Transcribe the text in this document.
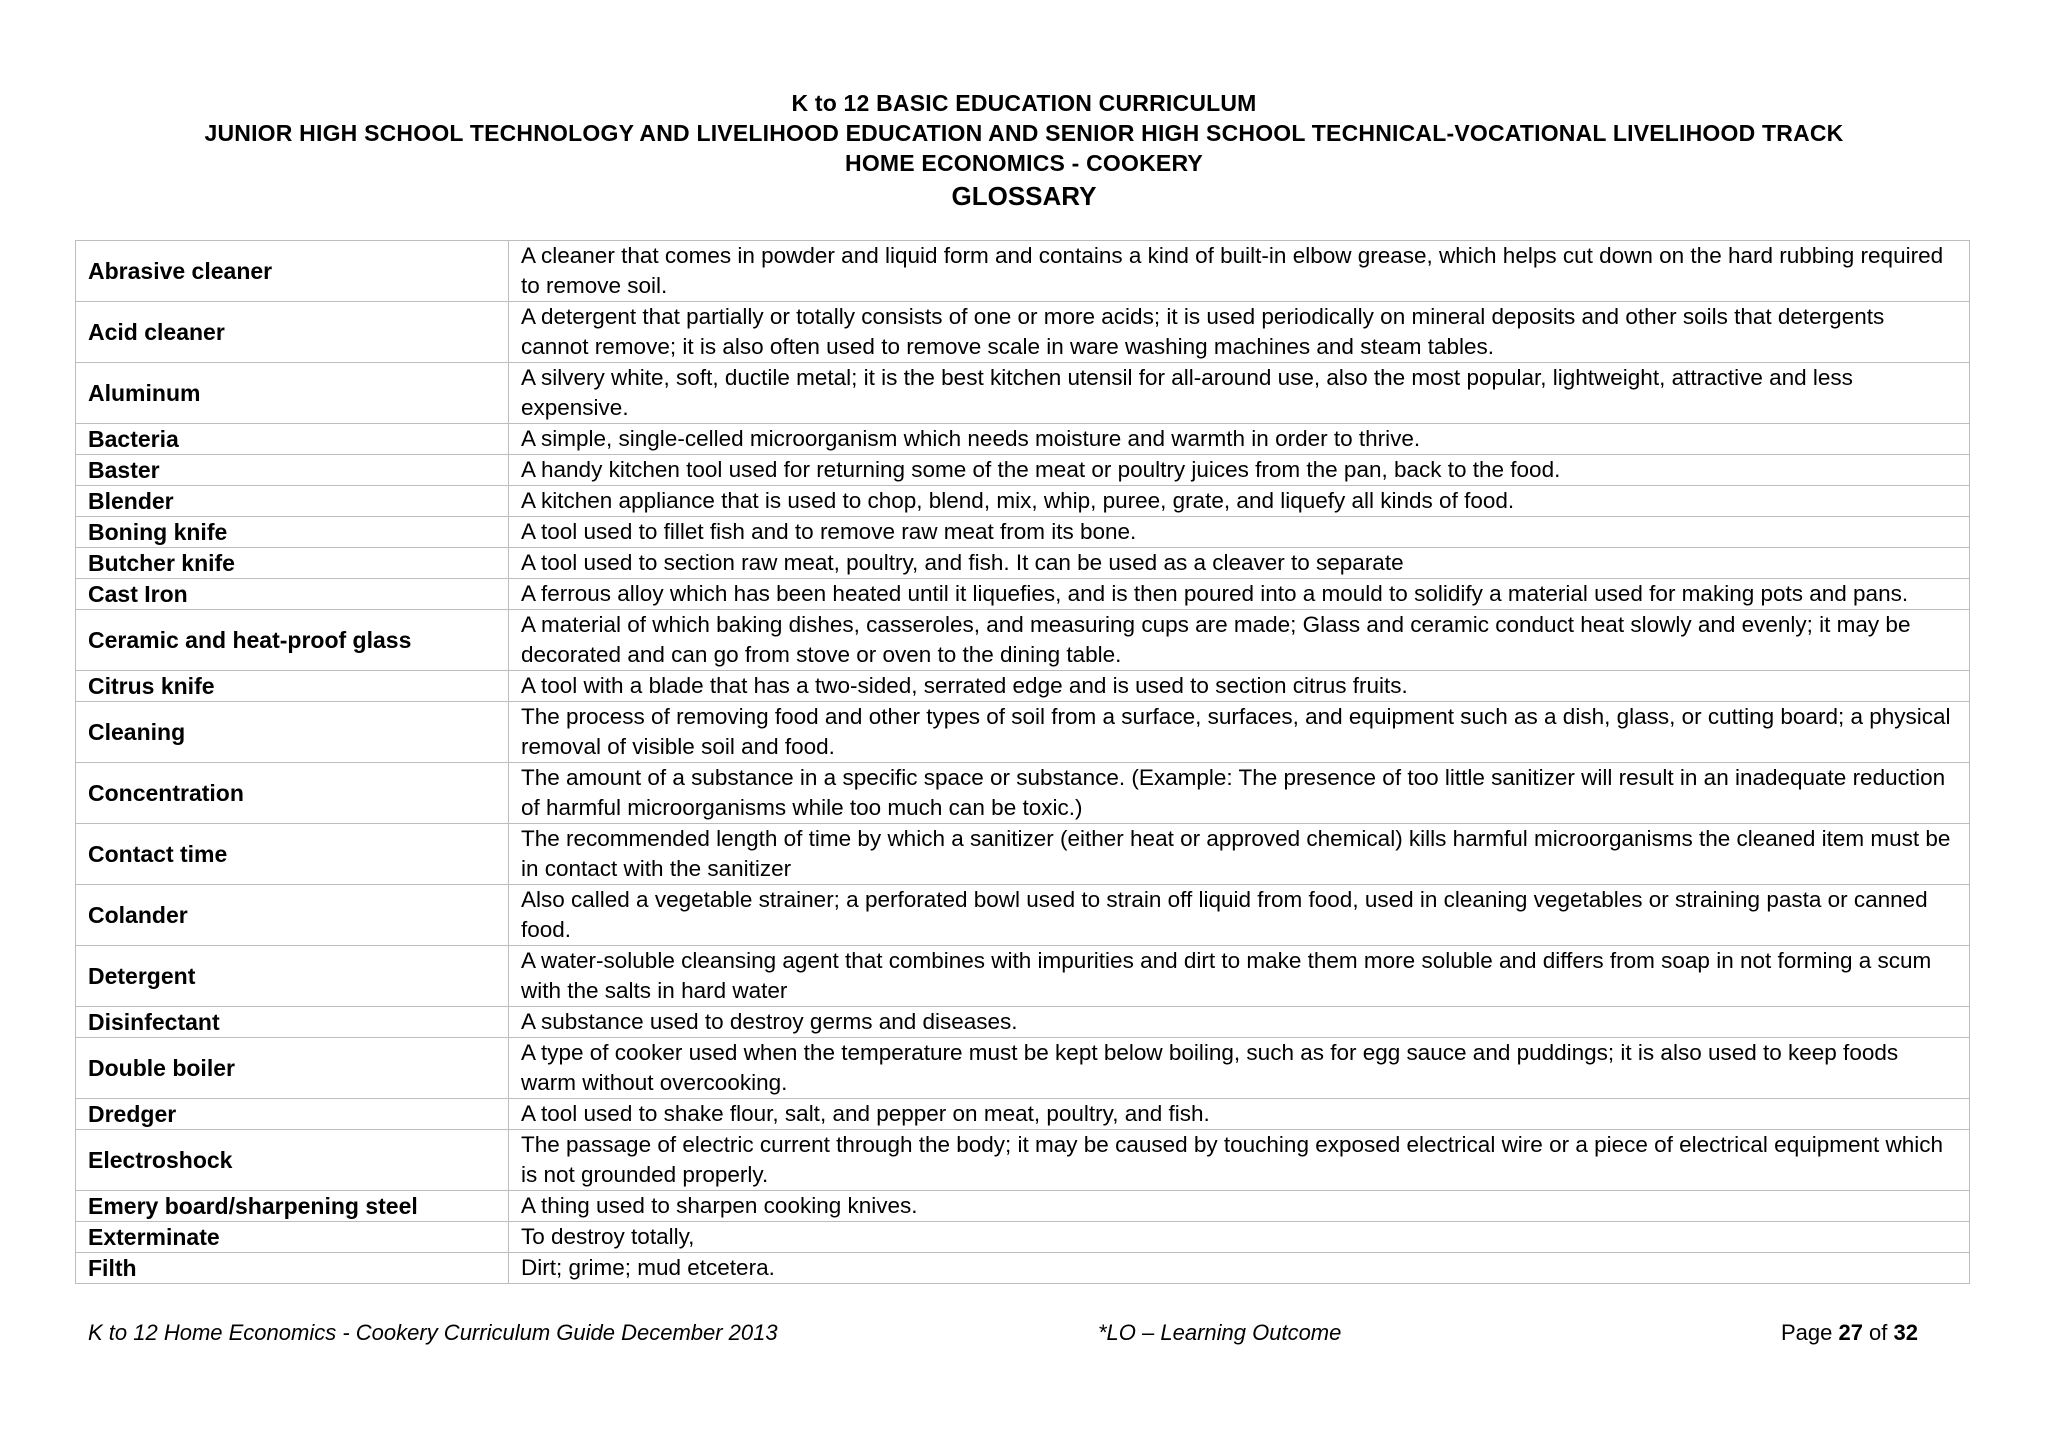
K to 12 BASIC EDUCATION CURRICULUM
JUNIOR HIGH SCHOOL TECHNOLOGY AND LIVELIHOOD EDUCATION AND SENIOR HIGH SCHOOL TECHNICAL-VOCATIONAL LIVELIHOOD TRACK
HOME ECONOMICS - COOKERY
GLOSSARY
Abrasive cleaner	A cleaner that comes in powder and liquid form and contains a kind of built-in elbow grease, which helps cut down on the hard rubbing required to remove soil.
Acid cleaner	A detergent that partially or totally consists of one or more acids; it is used periodically on mineral deposits and other soils that detergents cannot remove; it is also often used to remove scale in ware washing machines and steam tables.
Aluminum	A silvery white, soft, ductile metal; it is the best kitchen utensil for all-around use, also the most popular, lightweight, attractive and less expensive.
Bacteria	A simple, single-celled microorganism which needs moisture and warmth in order to thrive.
Baster	A handy kitchen tool used for returning some of the meat or poultry juices from the pan, back to the food.
Blender	A kitchen appliance that is used to chop, blend, mix, whip, puree, grate, and liquefy all kinds of food.
Boning knife	A tool used to fillet fish and to remove raw meat from its bone.
Butcher knife	A tool used to section raw meat, poultry, and fish. It can be used as a cleaver to separate
Cast Iron	A ferrous alloy which has been heated until it liquefies, and is then poured into a mould to solidify a material used for making pots and pans.
Ceramic and heat-proof glass	A material of which baking dishes, casseroles, and measuring cups are made; Glass and ceramic conduct heat slowly and evenly; it may be decorated and can go from stove or oven to the dining table.
Citrus knife	A tool with a blade that has a two-sided, serrated edge and is used to section citrus fruits.
Cleaning	The process of removing food and other types of soil from a surface, surfaces, and equipment such as a dish, glass, or cutting board; a physical removal of visible soil and food.
Concentration	The amount of a substance in a specific space or substance. (Example: The presence of too little sanitizer will result in an inadequate reduction of harmful microorganisms while too much can be toxic.)
Contact time	The recommended length of time by which a sanitizer (either heat or approved chemical) kills harmful microorganisms the cleaned item must be in contact with the sanitizer
Colander	Also called a vegetable strainer; a perforated bowl used to strain off liquid from food, used in cleaning vegetables or straining pasta or canned food.
Detergent	A water-soluble cleansing agent that combines with impurities and dirt to make them more soluble and differs from soap in not forming a scum with the salts in hard water
Disinfectant	A substance used to destroy germs and diseases.
Double boiler	A type of cooker used when the temperature must be kept below boiling, such as for egg sauce and puddings; it is also used to keep foods warm without overcooking.
Dredger	A tool used to shake flour, salt, and pepper on meat, poultry, and fish.
Electroshock	The passage of electric current through the body; it may be caused by touching exposed electrical wire or a piece of electrical equipment which is not grounded properly.
Emery board/sharpening steel	A thing used to sharpen cooking knives.
Exterminate	To destroy totally,
Filth	Dirt; grime; mud etcetera.
K to 12 Home Economics - Cookery Curriculum Guide December 2013	*LO – Learning Outcome	Page 27 of 32
